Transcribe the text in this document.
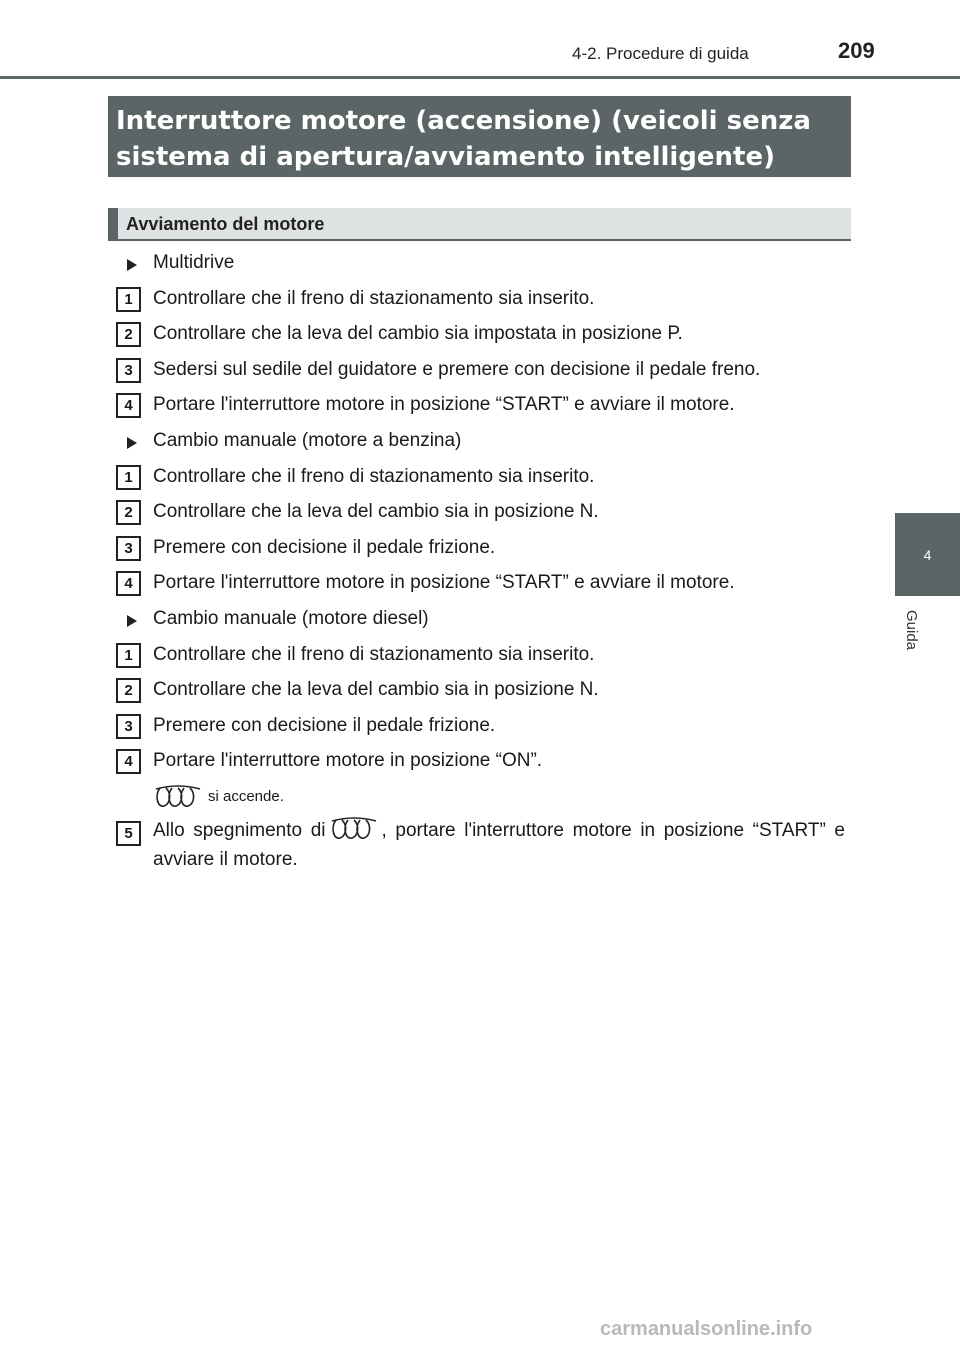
4-2. Procedure di guida	209
Interruttore motore (accensione) (veicoli senza
sistema di apertura/avviamento intelligente)
Avviamento del motore
Multidrive
1	Controllare che il freno di stazionamento sia inserito.
2	Controllare che la leva del cambio sia impostata in posizione P.
3	Sedersi sul sedile del guidatore e premere con decisione il pedale freno.
4	Portare l'interruttore motore in posizione “START” e avviare il motore.
Cambio manuale (motore a benzina)
1	Controllare che il freno di stazionamento sia inserito.
2	Controllare che la leva del cambio sia in posizione N.
3	Premere con decisione il pedale frizione.
4	Portare l'interruttore motore in posizione “START” e avviare il motore.
Cambio manuale (motore diesel)
1	Controllare che il freno di stazionamento sia inserito.
2	Controllare che la leva del cambio sia in posizione N.
3	Premere con decisione il pedale frizione.
4	Portare l'interruttore motore in posizione “ON”.
si accende.
5	Allo spegnimento di	, portare l'interruttore motore in posizione “START” e avviare il motore.
4
Guida
carmanualsonline.info
